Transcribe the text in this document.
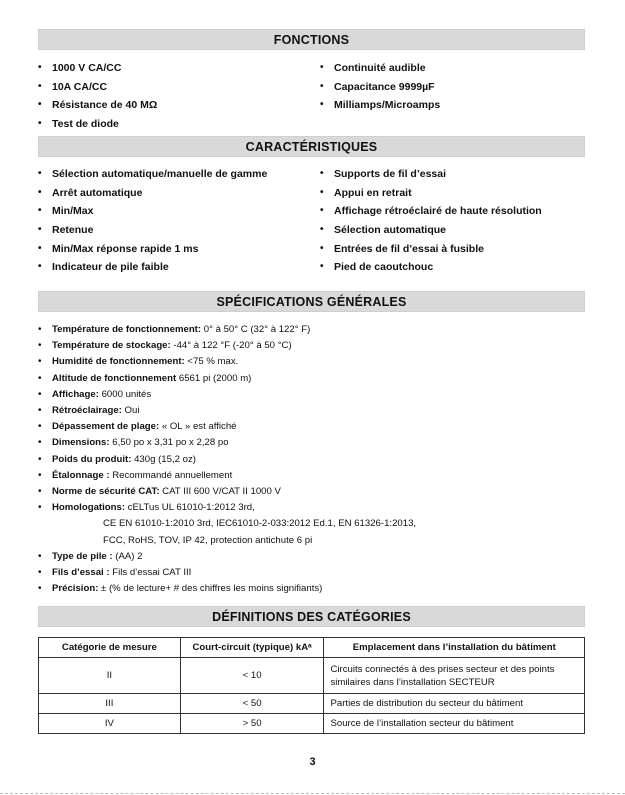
FONCTIONS
• 1000 V CA/CC
• 10A CA/CC
• Résistance de 40 MΩ
• Test de diode
• Continuité audible
• Capacitance 9999µF
• Milliamps/Microamps
CARACTÉRISTIQUES
• Sélection automatique/manuelle de gamme
• Arrêt automatique
• Min/Max
• Retenue
• Min/Max réponse rapide 1 ms
• Indicateur de pile faible
• Supports de fil d’essai
• Appui en retrait
• Affichage rétroéclairé de haute résolution
• Sélection automatique
• Entrées de fil d’essai à fusible
• Pied de caoutchouc
SPÉCIFICATIONS GÉNÉRALES
• Température de fonctionnement: 0° à 50° C (32° à 122° F)
• Température de stockage: -44° à 122 °F (-20° à 50 °C)
• Humidité de fonctionnement: <75 % max.
• Altitude de fonctionnement 6561 pi (2000 m)
• Affichage: 6000 unités
• Rétroéclairage: Oui
• Dépassement de plage: « OL » est affiché
• Dimensions: 6,50 po x 3,31 po x 2,28 po
• Poids du produit: 430g (15,2 oz)
• Étalonnage : Recommandé annuellement
• Norme de sécurité CAT: CAT III 600 V/CAT II 1000 V
• Homologations: cELTus UL 61010-1:2012 3rd,
CE EN 61010-1:2010 3rd, IEC61010-2-033:2012 Ed.1, EN 61326-1:2013,
FCC, RoHS, TOV, IP 42, protection antichute 6 pi
• Type de pile : (AA) 2
• Fils d’essai : Fils d’essai CAT III
• Précision: ± (% de lecture+ # des chiffres les moins signifiants)
DÉFINITIONS DES CATÉGORIES
Catégorie de mesure	Court-circuit (typique) kAᵃ	Emplacement dans l’installation du bâtiment
II	< 10	Circuits connectés à des prises secteur et des points similaires dans l’installation SECTEUR
III	< 50	Parties de distribution du secteur du bâtiment
IV	> 50	Source de l’installation secteur du bâtiment
3
